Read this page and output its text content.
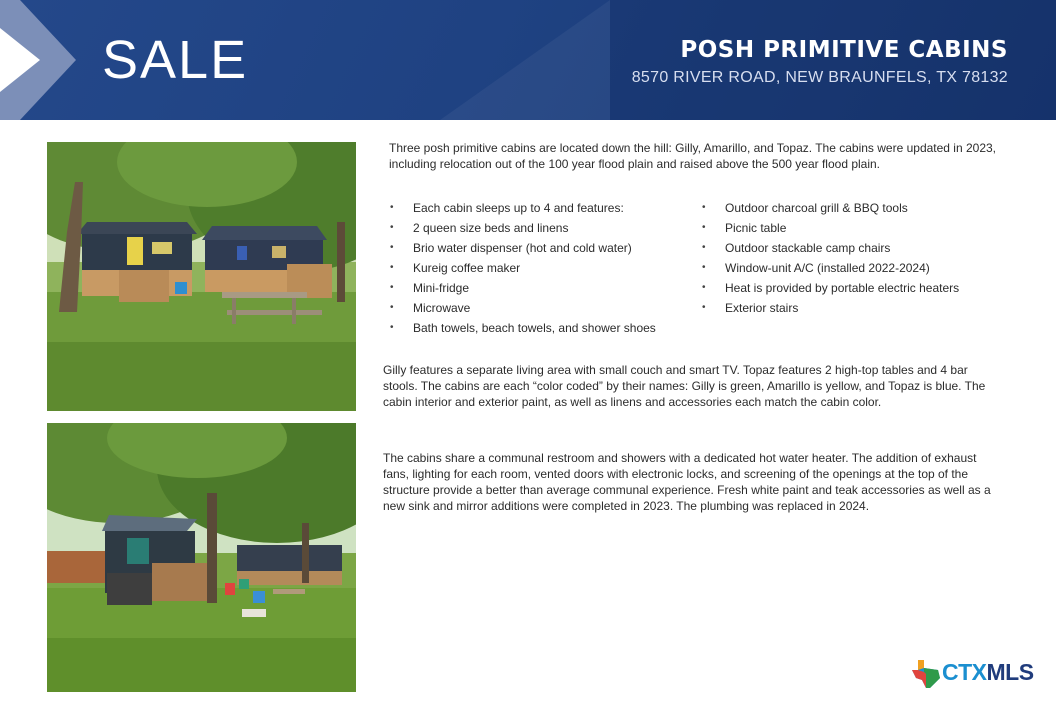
SALE	POSH PRIMITIVE CABINS
8570 RIVER ROAD, NEW BRAUNFELS, TX 78132

Three posh primitive cabins are located down the hill: Gilly, Amarillo, and Topaz. The cabins were updated in 2023, including relocation out of the 100 year flood plain and raised above the 500 year flood plain.

• Each cabin sleeps up to 4 and features:
• 2 queen size beds and linens
• Brio water dispenser (hot and cold water)
• Kureig coffee maker
• Mini-fridge
• Microwave
• Bath towels, beach towels, and shower shoes
• Outdoor charcoal grill & BBQ tools
• Picnic table
• Outdoor stackable camp chairs
• Window-unit A/C (installed 2022-2024)
• Heat is provided by portable electric heaters
• Exterior stairs

Gilly features a separate living area with small couch and smart TV. Topaz features 2 high-top tables and 4 bar stools. The cabins are each “color coded” by their names: Gilly is green, Amarillo is yellow, and Topaz is blue. The cabin interior and exterior paint, as well as linens and accessories each match the cabin color.

The cabins share a communal restroom and showers with a dedicated hot water heater. The addition of exhaust fans, lighting for each room, vented doors with electronic locks, and screening of the openings at the top of the structure provide a better than average communal experience. Fresh white paint and teak accessories as well as a new sink and mirror additions were completed in 2023. The plumbing was replaced in 2024.

CTXMLS
